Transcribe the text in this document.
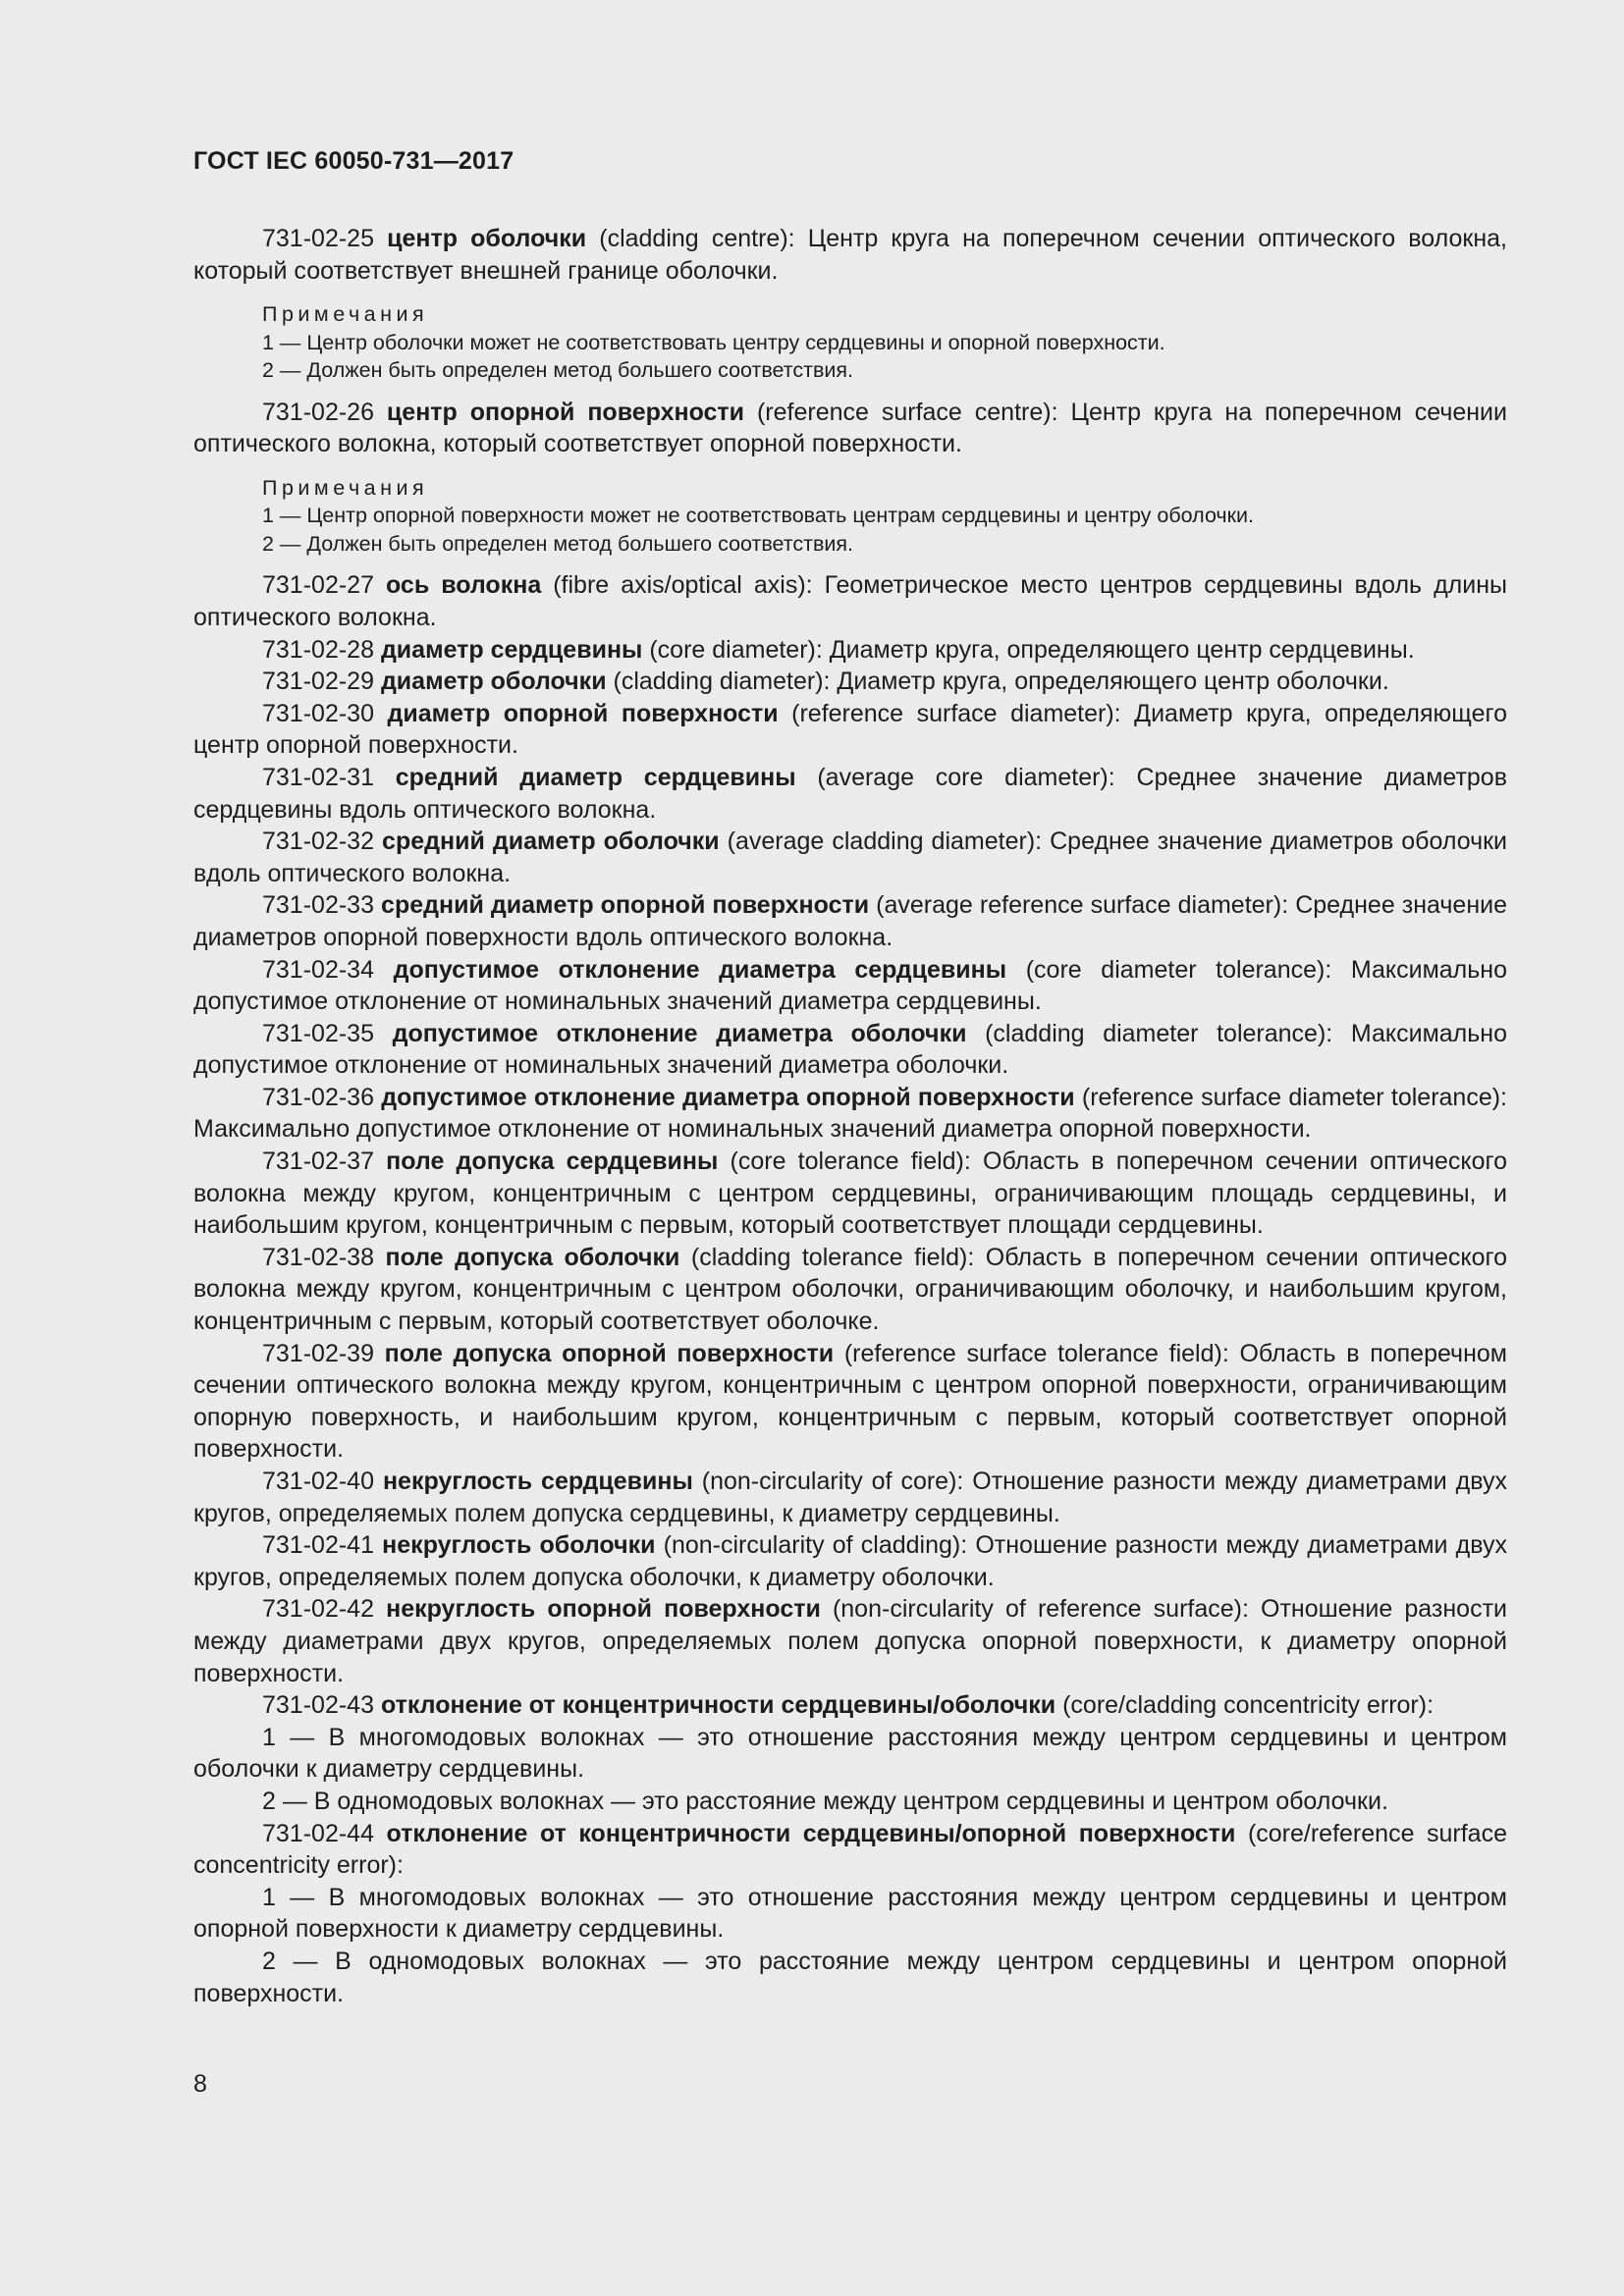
ГОСТ IEC 60050-731—2017

731-02-25 центр оболочки (cladding centre): Центр круга на поперечном сечении оптического волокна, который соответствует внешней границе оболочки.

Примечания
1 — Центр оболочки может не соответствовать центру сердцевины и опорной поверхности.
2 — Должен быть определен метод большего соответствия.

731-02-26 центр опорной поверхности (reference surface centre): Центр круга на поперечном сечении оптического волокна, который соответствует опорной поверхности.

Примечания
1 — Центр опорной поверхности может не соответствовать центрам сердцевины и центру оболочки.
2 — Должен быть определен метод большего соответствия.

731-02-27 ось волокна (fibre axis/optical axis): Геометрическое место центров сердцевины вдоль длины оптического волокна.

731-02-28 диаметр сердцевины (core diameter): Диаметр круга, определяющего центр сердцевины.

731-02-29 диаметр оболочки (cladding diameter): Диаметр круга, определяющего центр оболочки.

731-02-30 диаметр опорной поверхности (reference surface diameter): Диаметр круга, определяющего центр опорной поверхности.

731-02-31 средний диаметр сердцевины (average core diameter): Среднее значение диаметров сердцевины вдоль оптического волокна.

731-02-32 средний диаметр оболочки (average cladding diameter): Среднее значение диаметров оболочки вдоль оптического волокна.

731-02-33 средний диаметр опорной поверхности (average reference surface diameter): Среднее значение диаметров опорной поверхности вдоль оптического волокна.

731-02-34 допустимое отклонение диаметра сердцевины (core diameter tolerance): Максимально допустимое отклонение от номинальных значений диаметра сердцевины.

731-02-35 допустимое отклонение диаметра оболочки (cladding diameter tolerance): Максимально допустимое отклонение от номинальных значений диаметра оболочки.

731-02-36 допустимое отклонение диаметра опорной поверхности (reference surface diameter tolerance): Максимально допустимое отклонение от номинальных значений диаметра опорной поверхности.

731-02-37 поле допуска сердцевины (core tolerance field): Область в поперечном сечении оптического волокна между кругом, концентричным с центром сердцевины, ограничивающим площадь сердцевины, и наибольшим кругом, концентричным с первым, который соответствует площади сердцевины.

731-02-38 поле допуска оболочки (cladding tolerance field): Область в поперечном сечении оптического волокна между кругом, концентричным с центром оболочки, ограничивающим оболочку, и наибольшим кругом, концентричным с первым, который соответствует оболочке.

731-02-39 поле допуска опорной поверхности (reference surface tolerance field): Область в поперечном сечении оптического волокна между кругом, концентричным с центром опорной поверхности, ограничивающим опорную поверхность, и наибольшим кругом, концентричным с первым, который соответствует опорной поверхности.

731-02-40 некруглость сердцевины (non-circularity of core): Отношение разности между диаметрами двух кругов, определяемых полем допуска сердцевины, к диаметру сердцевины.

731-02-41 некруглость оболочки (non-circularity of cladding): Отношение разности между диаметрами двух кругов, определяемых полем допуска оболочки, к диаметру оболочки.

731-02-42 некруглость опорной поверхности (non-circularity of reference surface): Отношение разности между диаметрами двух кругов, определяемых полем допуска опорной поверхности, к диаметру опорной поверхности.

731-02-43 отклонение от концентричности сердцевины/оболочки (core/cladding concentricity error):

1 — В многомодовых волокнах — это отношение расстояния между центром сердцевины и центром оболочки к диаметру сердцевины.

2 — В одномодовых волокнах — это расстояние между центром сердцевины и центром оболочки.

731-02-44 отклонение от концентричности сердцевины/опорной поверхности (core/reference surface concentricity error):

1 — В многомодовых волокнах — это отношение расстояния между центром сердцевины и центром опорной поверхности к диаметру сердцевины.

2 — В одномодовых волокнах — это расстояние между центром сердцевины и центром опорной поверхности.

8
